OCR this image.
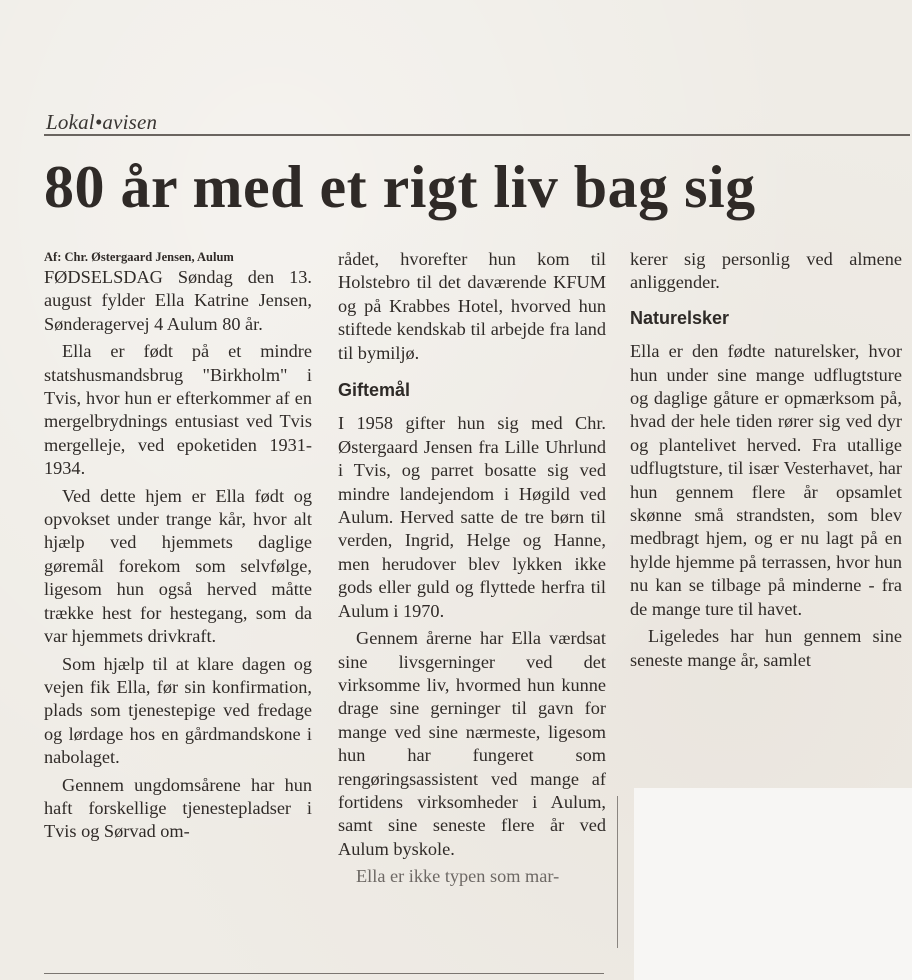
Lokal•avisen
80 år med et rigt liv bag sig
Af: Chr. Østergaard Jensen, Aulum

FØDSELSDAG Søndag den 13. august fylder Ella Katrine Jensen, Sønderagervej 4 Aulum 80 år.

Ella er født på et mindre statshusmandsbrug "Birkholm" i Tvis, hvor hun er efterkommer af en mergelbrydnings entusiast ved Tvis mergelleje, ved epoketiden 1931-1934.

Ved dette hjem er Ella født og opvokset under trange kår, hvor alt hjælp ved hjemmets daglige gøremål forekom som selvfølge, ligesom hun også herved måtte trække hest for hestegang, som da var hjemmets drivkraft.

Som hjælp til at klare dagen og vejen fik Ella, før sin konfirmation, plads som tjenestepige ved fredage og lørdage hos en gårdmandskone i nabolaget.

Gennem ungdomsårene har hun haft forskellige tjenestepladser i Tvis og Sørvad om-

rådet, hvorefter hun kom til Holstebro til det daværende KFUM og på Krabbes Hotel, hvorved hun stiftede kendskab til arbejde fra land til bymiljø.

Giftemål

I 1958 gifter hun sig med Chr. Østergaard Jensen fra Lille Uhrlund i Tvis, og parret bosatte sig ved mindre landejendom i Høgild ved Aulum. Herved satte de tre børn til verden, Ingrid, Helge og Hanne, men herudover blev lykken ikke gods eller guld og flyttede herfra til Aulum i 1970.

Gennem årerne har Ella værdsat sine livsgerninger ved det virksomme liv, hvormed hun kunne drage sine gerninger til gavn for mange ved sine nærmeste, ligesom hun har fungeret som rengøringsassistent ved mange af fortidens virksomheder i Aulum, samt sine seneste flere år ved Aulum byskole.

Ella er ikke typen som mar-

kerer sig personlig ved almene anliggender.

Naturelsker

Ella er den fødte naturelsker, hvor hun under sine mange udflugtsture og daglige gåture er opmærksom på, hvad der hele tiden rører sig ved dyr og plantelivet herved. Fra utallige udflugtsture, til især Vesterhavet, har hun gennem flere år opsamlet skønne små strandsten, som blev medbragt hjem, og er nu lagt på en hylde hjemme på terrassen, hvor hun nu kan se tilbage på minderne - fra de mange ture til havet.

Ligeledes har hun gennem sine seneste mange år, samlet
